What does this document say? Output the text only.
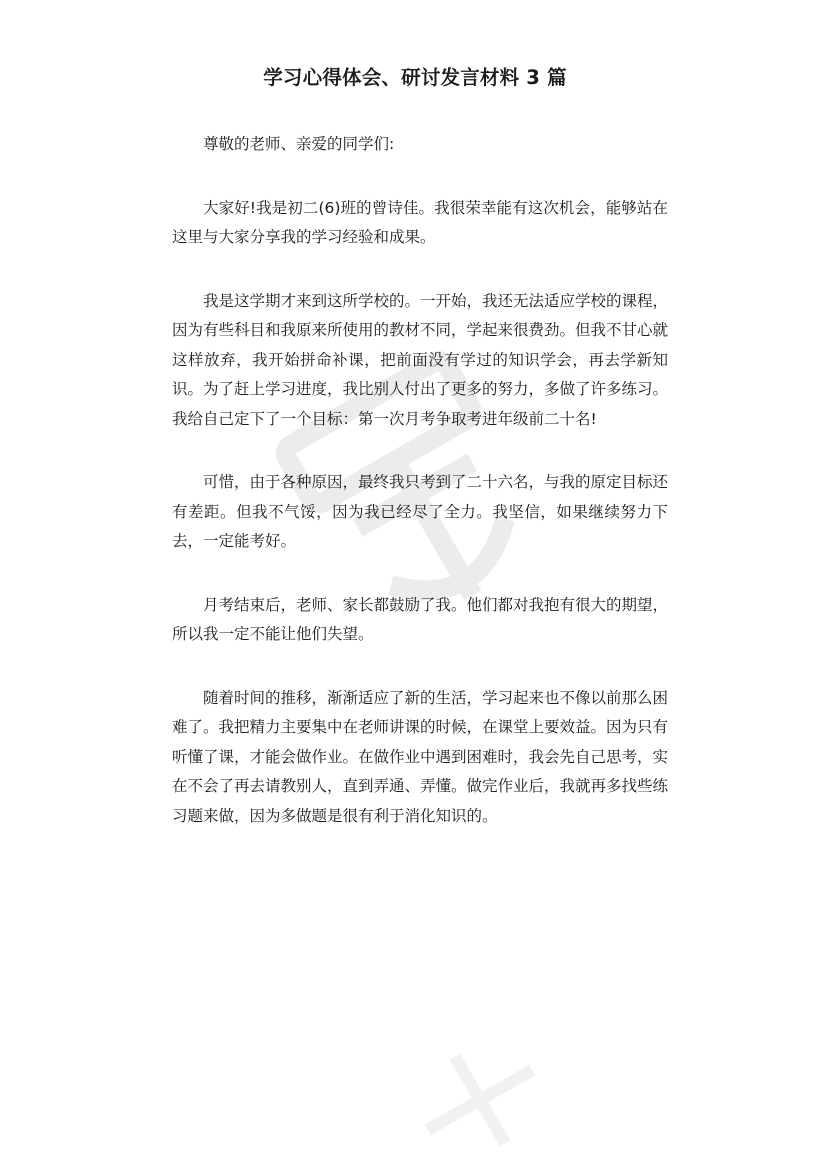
学习心得体会、研讨发言材料 3 篇

尊敬的老师、亲爱的同学们:

大家好!我是初二(6)班的曾诗佳。我很荣幸能有这次机会，能够站在这里与大家分享我的学习经验和成果。

我是这学期才来到这所学校的。一开始，我还无法适应学校的课程，因为有些科目和我原来所使用的教材不同，学起来很费劲。但我不甘心就这样放弃，我开始拼命补课，把前面没有学过的知识学会，再去学新知识。为了赶上学习进度，我比别人付出了更多的努力，多做了许多练习。我给自己定下了一个目标：第一次月考争取考进年级前二十名!

可惜，由于各种原因，最终我只考到了二十六名，与我的原定目标还有差距。但我不气馁，因为我已经尽了全力。我坚信，如果继续努力下去，一定能考好。

月考结束后，老师、家长都鼓励了我。他们都对我抱有很大的期望，所以我一定不能让他们失望。

随着时间的推移，渐渐适应了新的生活，学习起来也不像以前那么困难了。我把精力主要集中在老师讲课的时候，在课堂上要效益。因为只有听懂了课，才能会做作业。在做作业中遇到困难时，我会先自己思考，实在不会了再去请教别人，直到弄通、弄懂。做完作业后，我就再多找些练习题来做，因为多做题是很有利于消化知识的。
